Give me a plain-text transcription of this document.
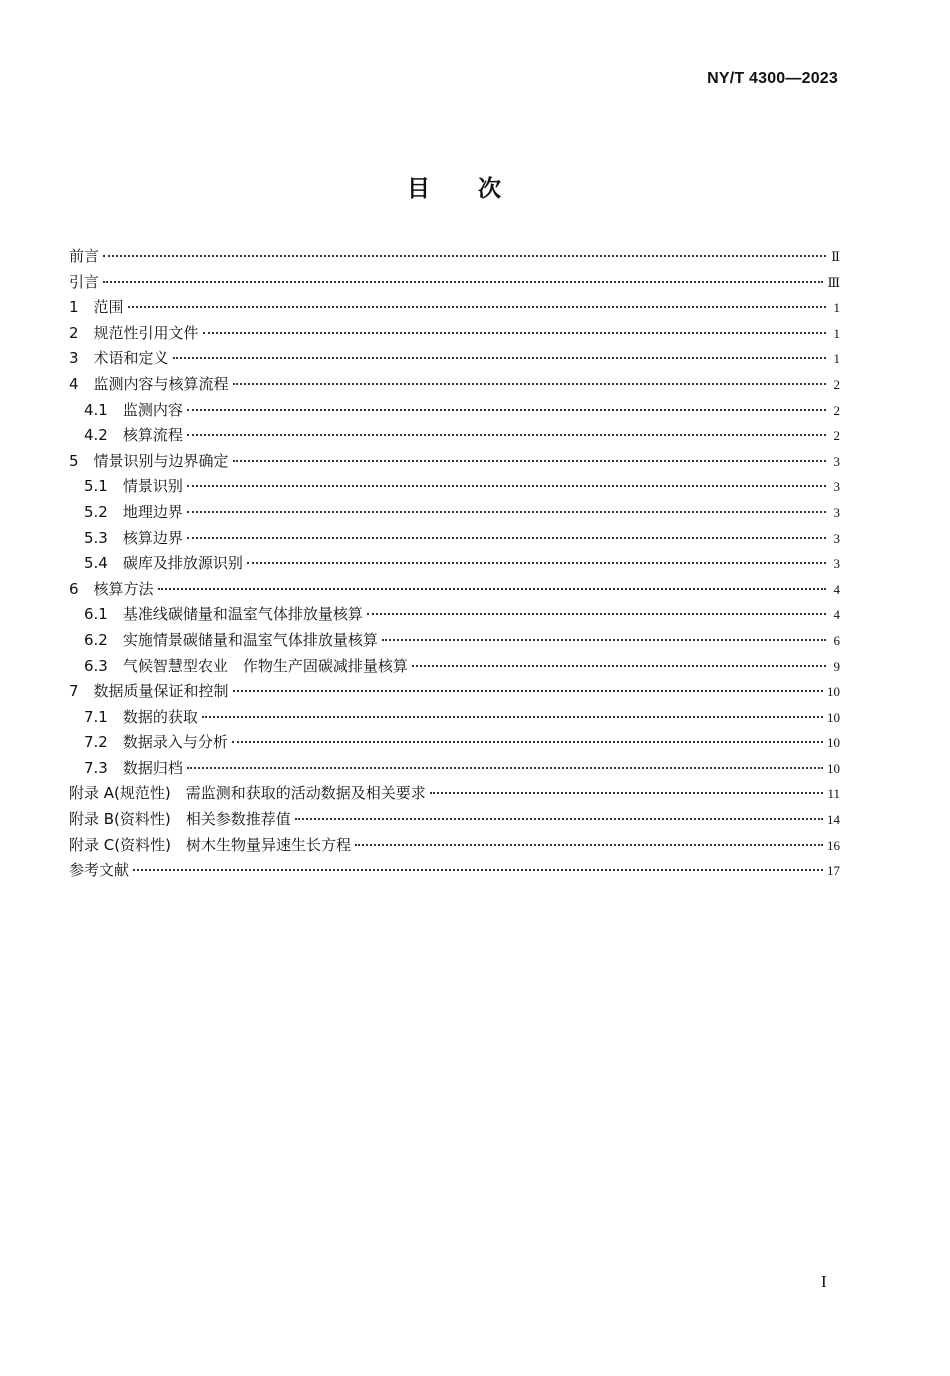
NY/T 4300—2023
目次
前言	Ⅱ
引言	Ⅲ
1　范围	1
2　规范性引用文件	1
3　术语和定义	1
4　监测内容与核算流程	2
4.1　监测内容	2
4.2　核算流程	2
5　情景识别与边界确定	3
5.1　情景识别	3
5.2　地理边界	3
5.3　核算边界	3
5.4　碳库及排放源识别	3
6　核算方法	4
6.1　基准线碳储量和温室气体排放量核算	4
6.2　实施情景碳储量和温室气体排放量核算	6
6.3　气候智慧型农业　作物生产固碳减排量核算	9
7　数据质量保证和控制	10
7.1　数据的获取	10
7.2　数据录入与分析	10
7.3　数据归档	10
附录 A(规范性)　需监测和获取的活动数据及相关要求	11
附录 B(资料性)　相关参数推荐值	14
附录 C(资料性)　树木生物量异速生长方程	16
参考文献	17
I
